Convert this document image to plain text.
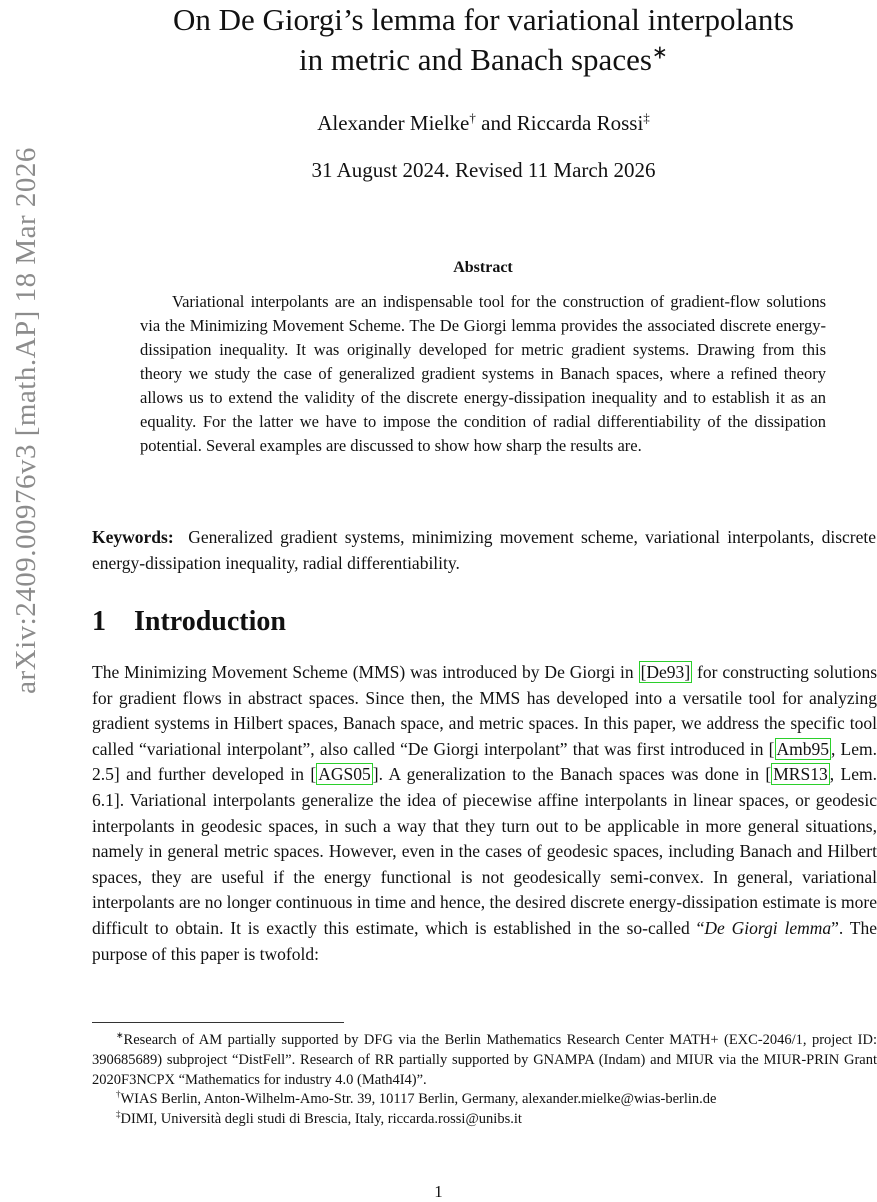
arXiv:2409.00976v3 [math.AP] 18 Mar 2026
On De Giorgi’s lemma for variational interpolants
in metric and Banach spaces∗
Alexander Mielke† and Riccarda Rossi‡
31 August 2024. Revised 11 March 2026
Abstract

Variational interpolants are an indispensable tool for the construction of gradient-flow solutions via the Minimizing Movement Scheme. The De Giorgi lemma provides the associated discrete energy-dissipation inequality. It was originally developed for metric gradient systems. Drawing from this theory we study the case of generalized gradient systems in Banach spaces, where a refined theory allows us to extend the validity of the discrete energy-dissipation inequality and to establish it as an equality. For the latter we have to impose the condition of radial differentiability of the dissipation potential. Several examples are discussed to show how sharp the results are.

Keywords: Generalized gradient systems, minimizing movement scheme, variational interpolants, discrete energy-dissipation inequality, radial differentiability.

1 Introduction

The Minimizing Movement Scheme (MMS) was introduced by De Giorgi in [De93] for constructing solutions for gradient flows in abstract spaces. Since then, the MMS has developed into a versatile tool for analyzing gradient systems in Hilbert spaces, Banach space, and metric spaces. In this paper, we address the specific tool called “variational interpolant”, also called “De Giorgi interpolant” that was first introduced in [ Amb95 , Lem. 2.5] and further developed in [ AGS05 ]. A generalization to the Banach spaces was done in [ MRS13 , Lem. 6.1]. Variational interpolants generalize the idea of piecewise affine interpolants in linear spaces, or geodesic interpolants in geodesic spaces, in such a way that they turn out to be applicable in more general situations, namely in general metric spaces. However, even in the cases of geodesic spaces, including Banach and Hilbert spaces, they are useful if the energy functional is not geodesically semi-convex. In general, variational interpolants are no longer continuous in time and hence, the desired discrete energy-dissipation estimate is more difficult to obtain. It is exactly this estimate, which is established in the so-called “De Giorgi lemma”. The purpose of this paper is twofold:

∗Research of AM partially supported by DFG via the Berlin Mathematics Research Center MATH+ (EXC-2046/1, project ID: 390685689) subproject “DistFell”. Research of RR partially supported by GNAMPA (Indam) and MIUR via the MIUR-PRIN Grant 2020F3NCPX “Mathematics for industry 4.0 (Math4I4)”.

†WIAS Berlin, Anton-Wilhelm-Amo-Str. 39, 10117 Berlin, Germany, alexander.mielke@wias-berlin.de

‡DIMI, Università degli studi di Brescia, Italy, riccarda.rossi@unibs.it

1
